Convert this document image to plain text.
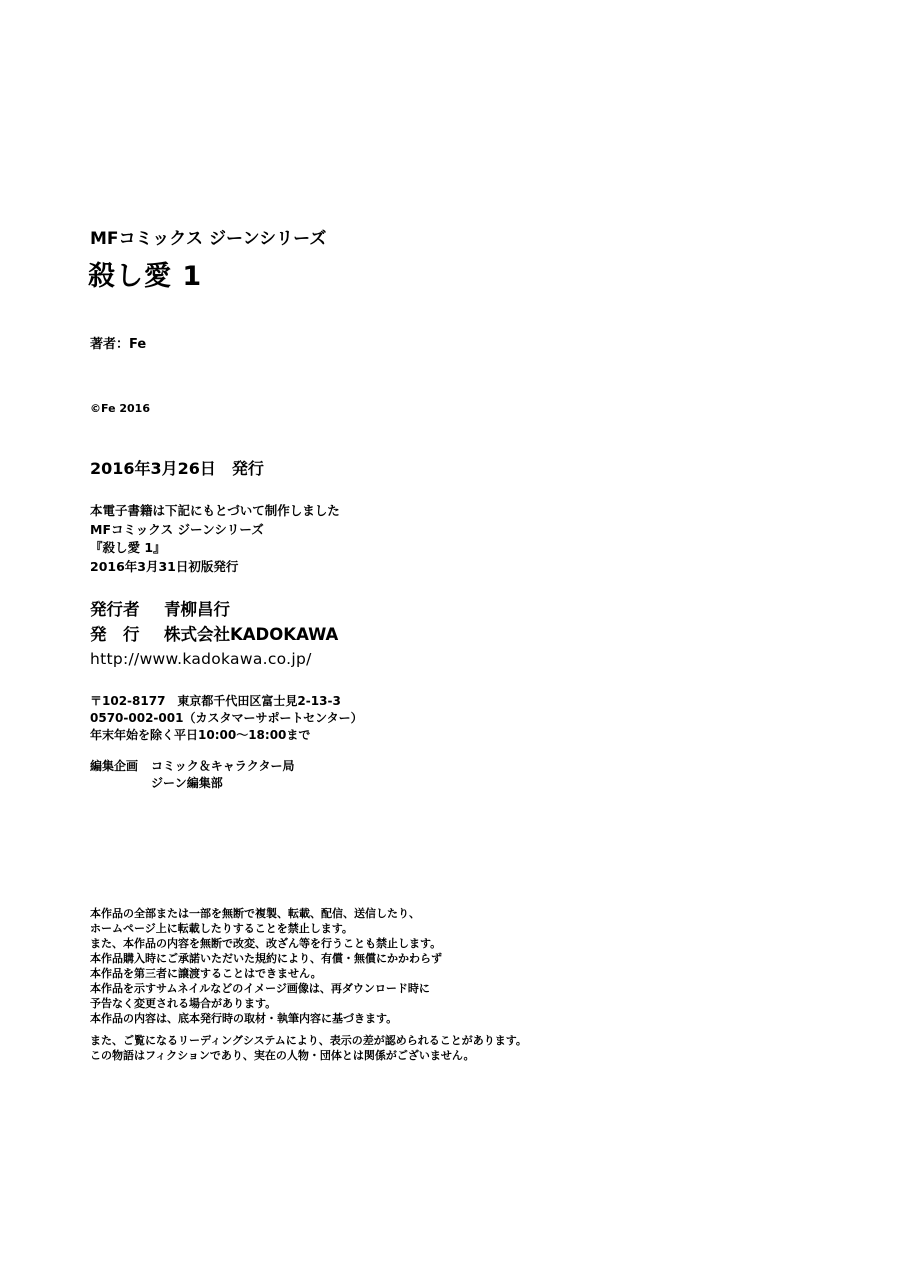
MFコミックス ジーンシリーズ
殺し愛 1
著者：Fe
©Fe 2016
2016年3月26日　発行
本電子書籍は下記にもとづいて制作しました
MFコミックス ジーンシリーズ
『殺し愛 1』
2016年3月31日初版発行
発行者 青柳昌行
発　行 株式会社KADOKAWA
http://www.kadokawa.co.jp/
〒102-8177　東京都千代田区富士見2-13-3
0570-002-001（カスタマーサポートセンター）
年末年始を除く平日10:00～18:00まで
編集企画 コミック＆キャラクター局
ジーン編集部
本作品の全部または一部を無断で複製、転載、配信、送信したり、
ホームページ上に転載したりすることを禁止します。
また、本作品の内容を無断で改変、改ざん等を行うことも禁止します。
本作品購入時にご承諾いただいた規約により、有償・無償にかかわらず
本作品を第三者に譲渡することはできません。
本作品を示すサムネイルなどのイメージ画像は、再ダウンロード時に
予告なく変更される場合があります。
本作品の内容は、底本発行時の取材・執筆内容に基づきます。
また、ご覧になるリーディングシステムにより、表示の差が認められることがあります。
この物語はフィクションであり、実在の人物・団体とは関係がございません。
